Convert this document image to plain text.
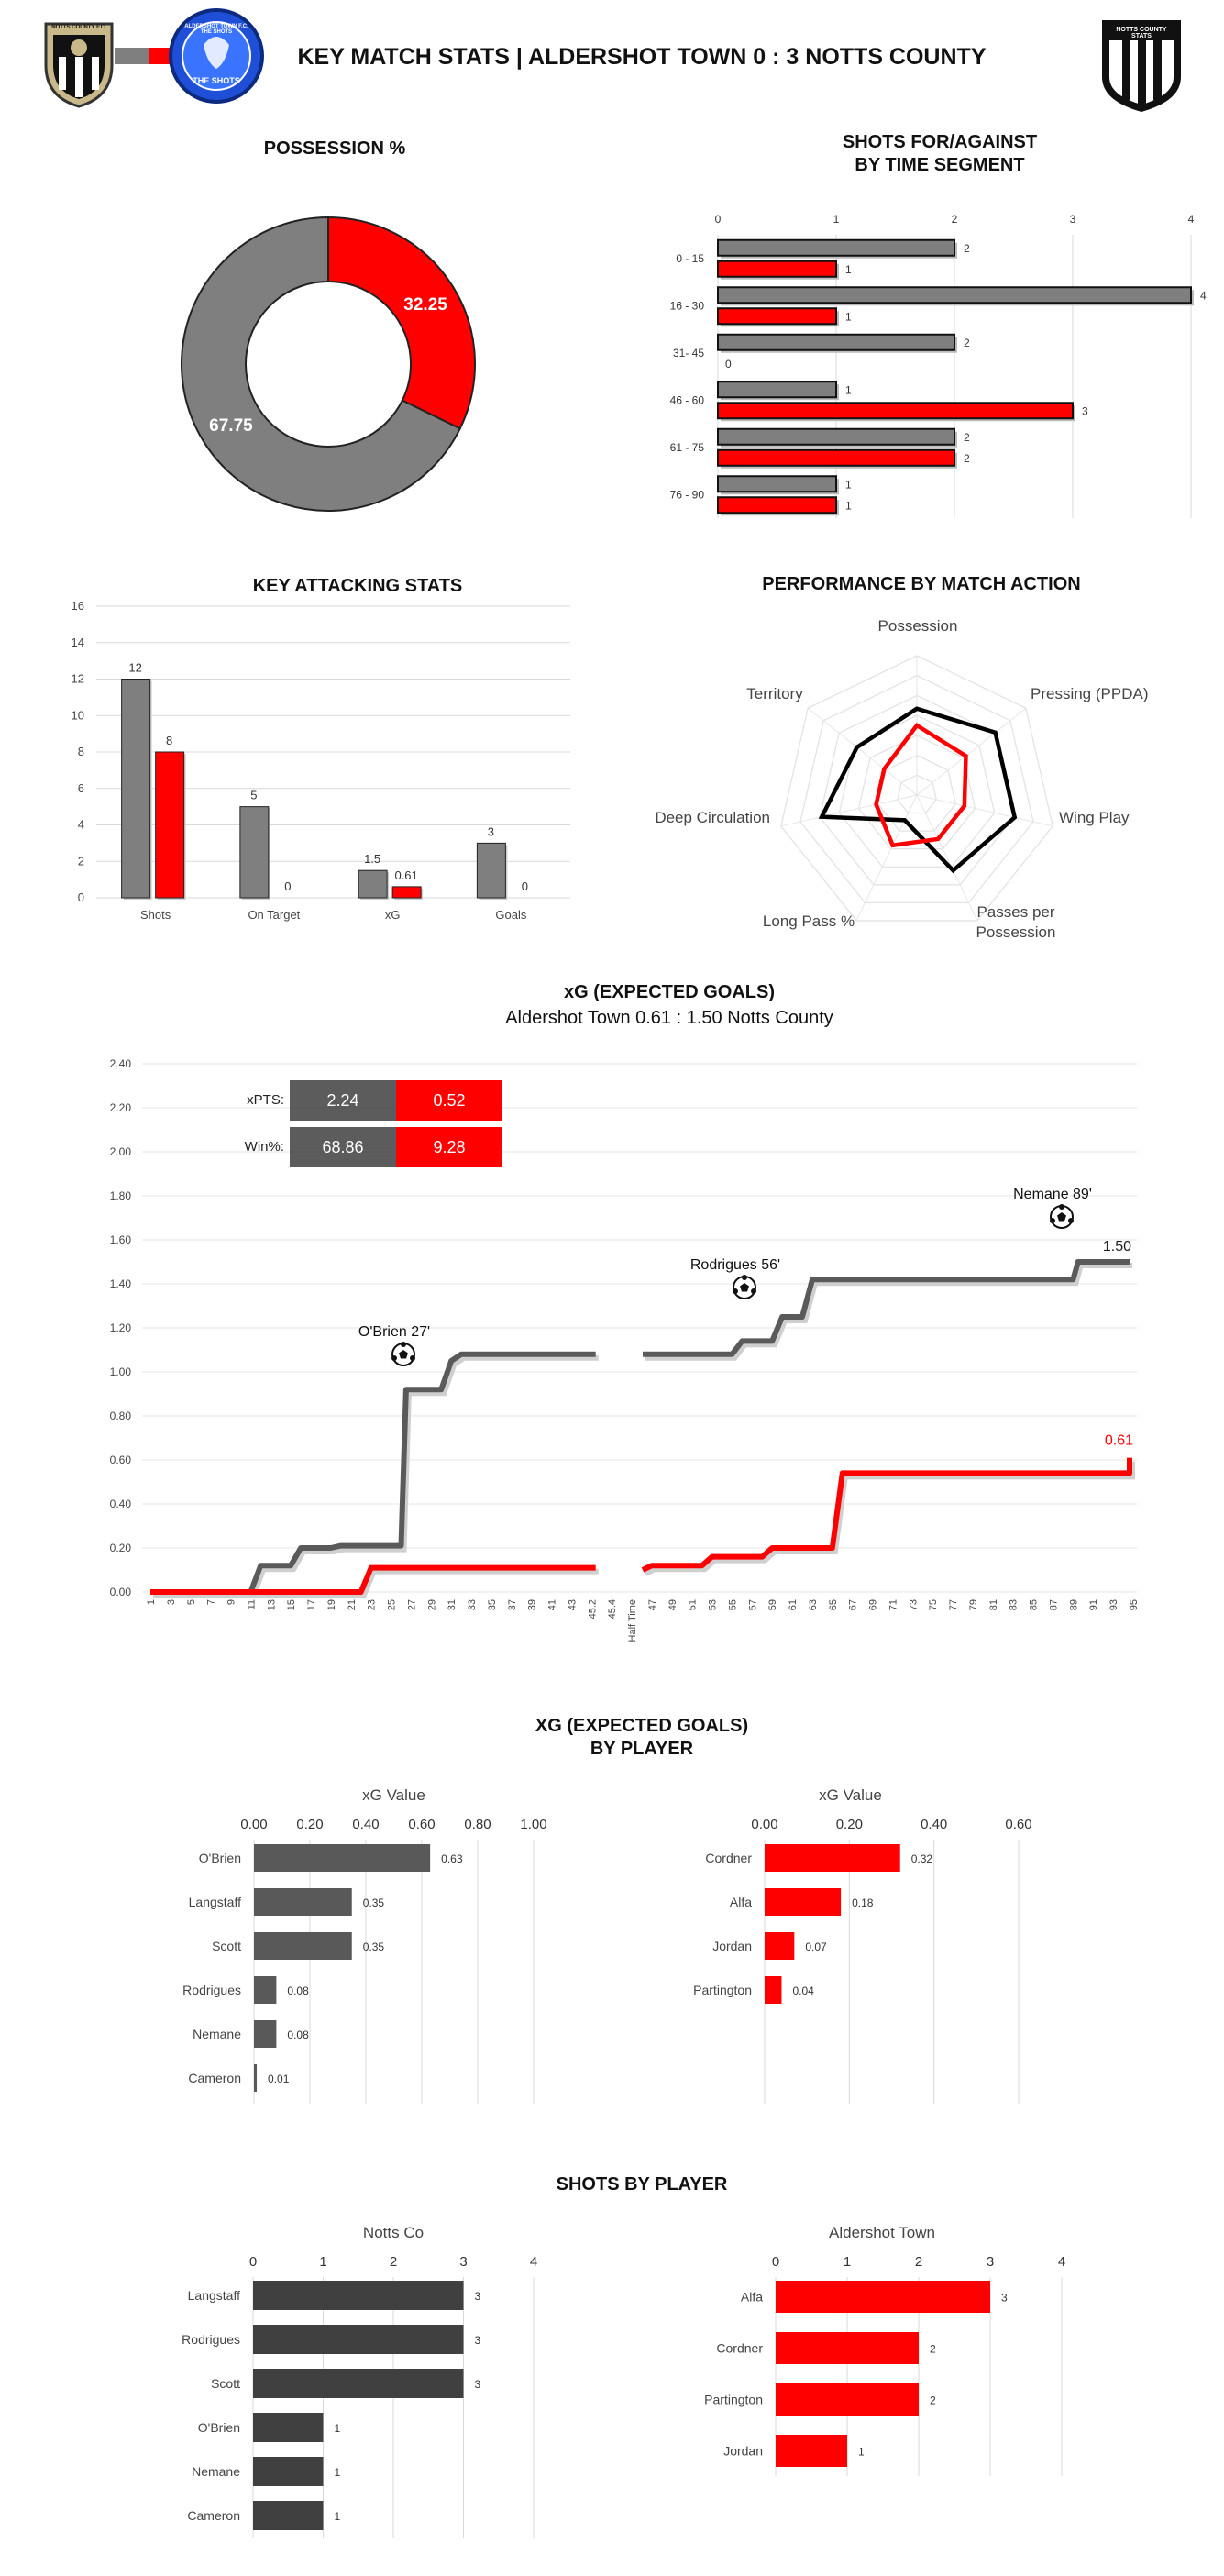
THE SHOTS
NOTTS COUNTY STATS
NOTTS COUNTY F.C.	ALDERSHOT TOWN F.C. THE SHOTS
KEY MATCH STATS | ALDERSHOT TOWN 0 : 3 NOTTS COUNTY
POSSESSION %
32.25
67.75
SHOTS FOR/AGAINST
BY TIME SEGMENT
0	1	2	3	4
0 - 15
2
1
16 - 30
4
1
31- 45
2
0
46 - 60
1
3
61 - 75
2
2
76 - 90
1
1
KEY ATTACKING STATS
0
2
4
6
8
10
12
14
16
Shots
12
8
On Target
5
0
xG
1.5
0.61
Goals
3
0
PERFORMANCE BY MATCH ACTION
Possession
Pressing (PPDA)
Wing Play
Passes per
Possession
Long Pass %
Deep Circulation
Territory
xG (EXPECTED GOALS)
Aldershot Town 0.61 : 1.50 Notts County
0.00
0.20
0.40
0.60
0.80
1.00
1.20
1.40
1.60
1.80
2.00
2.20
2.40
1 3 5 7 9 11 13 15 17 19 21 23 25 27 29 31 33 35 37 39 41 43 45.2 45.4 Half Time 47 49 51 53 55 57 59 61 63 65 67 69 71 73 75 77 79 81 83 85 87 89 91 93 95
1.50
0.61
O'Brien 27'
Rodrigues 56'
Nemane 89'
xPTS:	2.24	0.52
Win%: 68.86	9.28
XG (EXPECTED GOALS)
BY PLAYER
xG Value
0.00 0.20 0.40 0.60 0.80 1.00
O'Brien	0.63
Langstaff	0.35
Scott	0.35
Rodrigues	0.08
Nemane	0.08
Cameron 0.01
xG Value
0.00	0.20	0.40	0.60
Cordner	0.32
Alfa	0.18
Jordan	0.07
Partington	0.04
SHOTS BY PLAYER
Notts Co
0	1	2	3	4
Langstaff	3
Rodrigues	3
Scott	3
O'Brien	1
Nemane	1
Cameron	1
Aldershot Town
0	1	2	3	4
Alfa	3
Cordner	2
Partington	2
Jordan	1
